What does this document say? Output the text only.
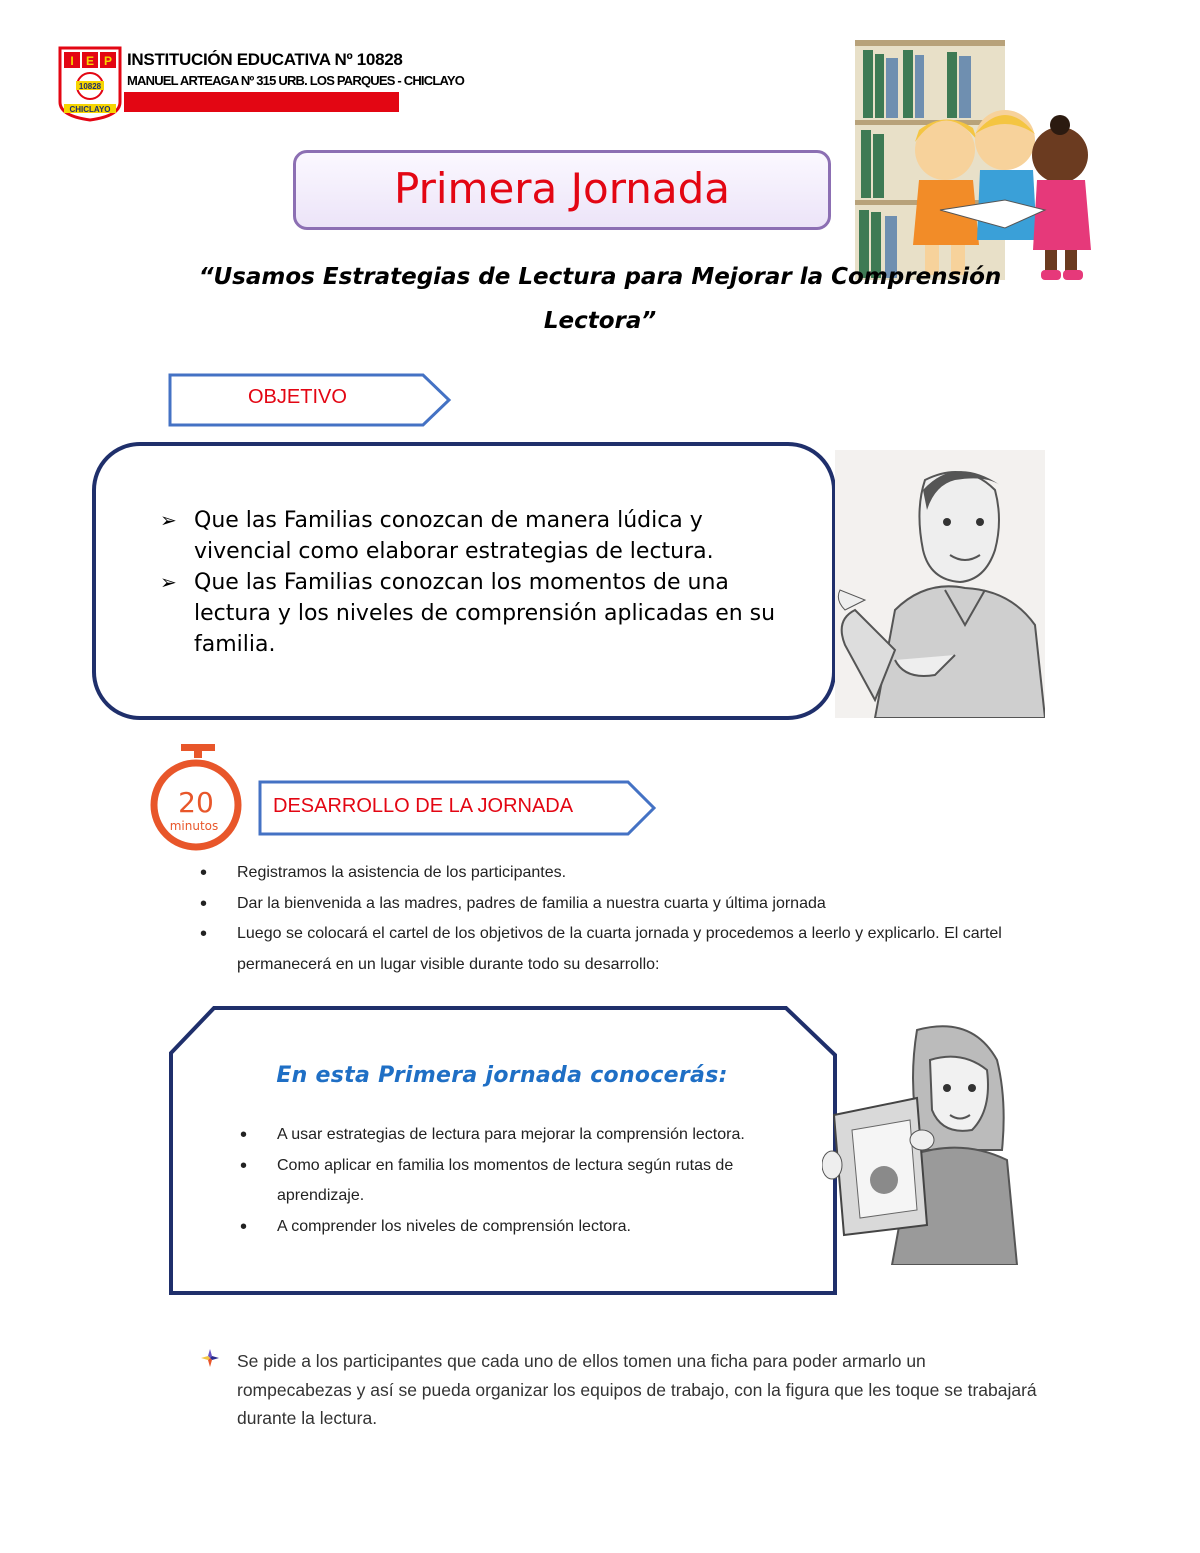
I E P
10828
CHICLAYO
INSTITUCIÓN EDUCATIVA Nº 10828
MANUEL ARTEAGA Nº 315 URB. LOS PARQUES - CHICLAYO
Primera Jornada
“Usamos Estrategias de Lectura para Mejorar la Comprensión
Lectora”
OBJETIVO
➢ Que las Familias conozcan de manera lúdica y vivencial como elaborar estrategias de lectura.
➢ Que las Familias conozcan los momentos de una lectura y los niveles de comprensión aplicadas en su familia.
20
minutos
DESARROLLO DE LA JORNADA
• Registramos la asistencia de los participantes.
• Dar la bienvenida a las madres, padres de familia a nuestra cuarta y última jornada
• Luego se colocará el cartel de los objetivos de la cuarta jornada y procedemos a leerlo y explicarlo. El cartel permanecerá en un lugar visible durante todo su desarrollo:
En esta Primera jornada conocerás:
• A usar estrategias de lectura para mejorar la comprensión lectora.
• Como aplicar en familia los momentos de lectura según rutas de aprendizaje.
• A comprender los niveles de comprensión lectora.
Se pide a los participantes que cada uno de ellos tomen una ficha para poder armarlo un rompecabezas y así se pueda organizar los equipos de trabajo, con la figura que les toque se trabajará durante la lectura.
